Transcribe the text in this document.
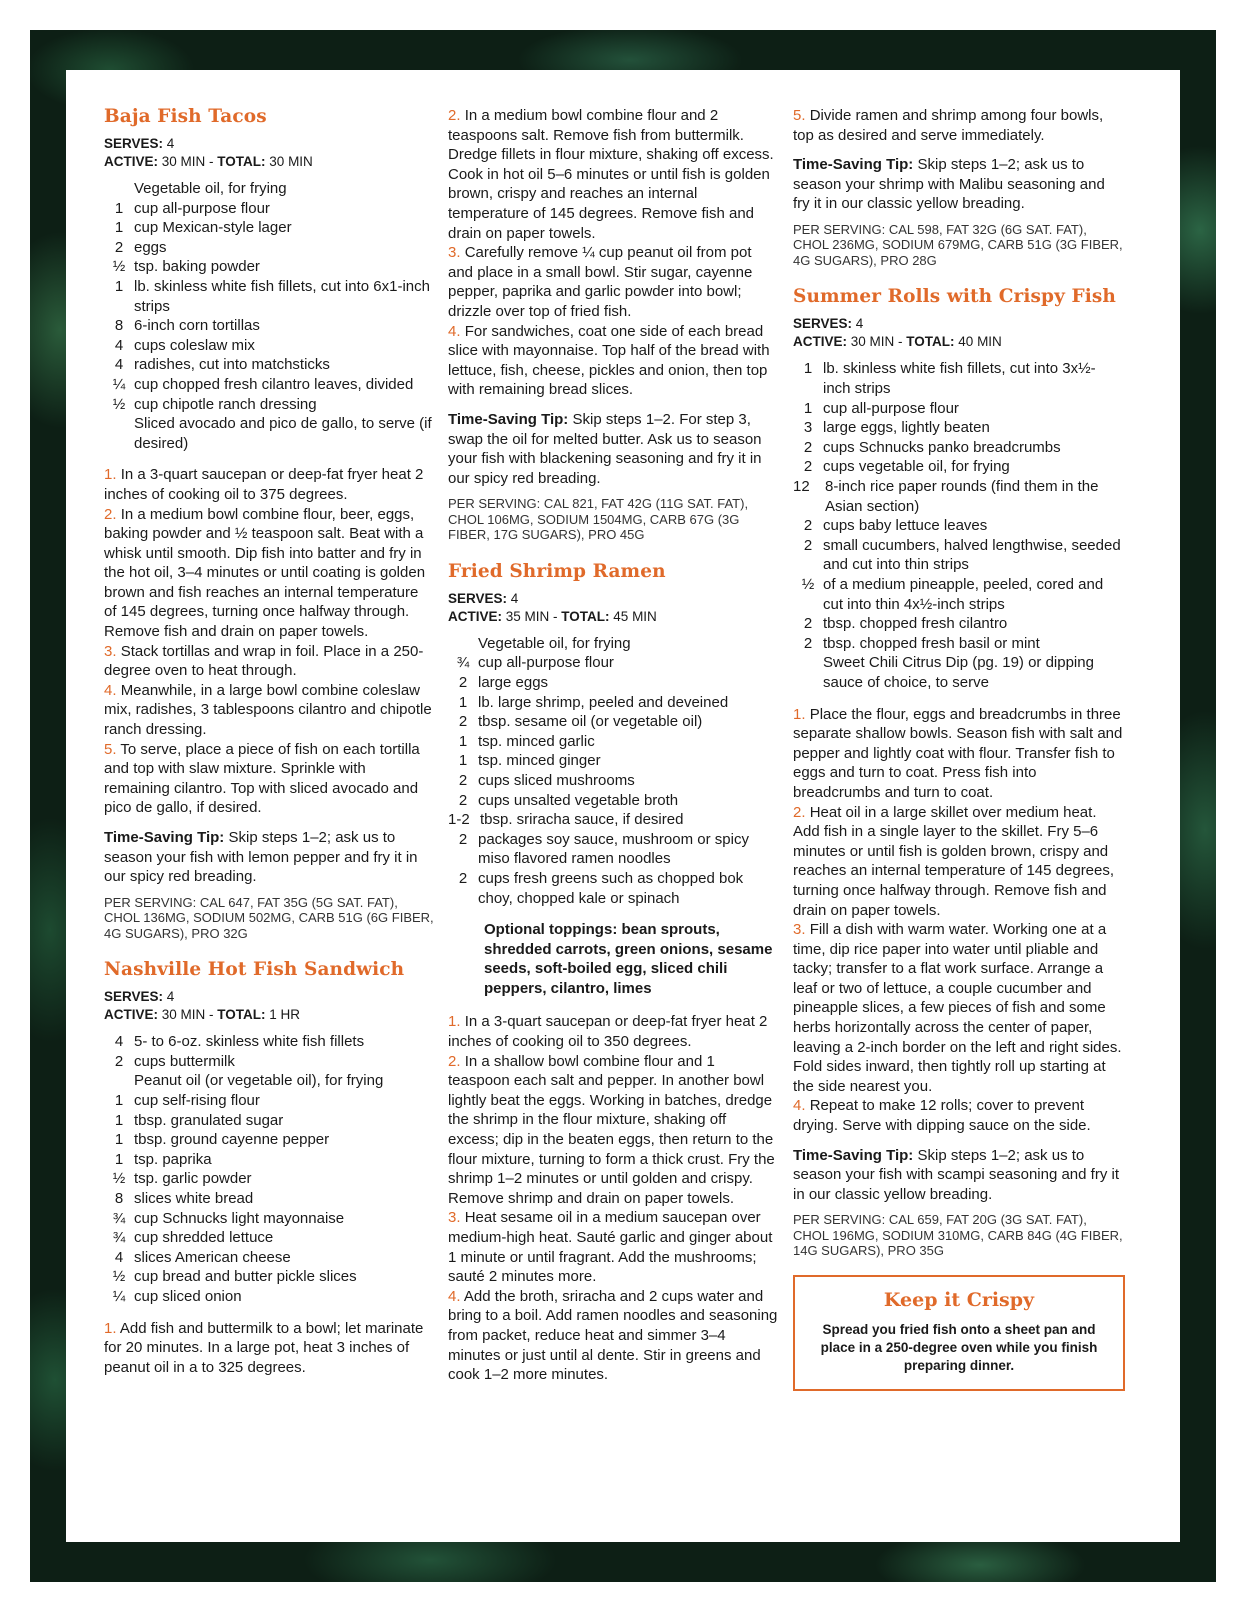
Baja Fish Tacos
SERVES: 4
ACTIVE: 30 MIN - TOTAL: 30 MIN
Vegetable oil, for frying
1 cup all-purpose flour
1 cup Mexican-style lager
2 eggs
½ tsp. baking powder
1 lb. skinless white fish fillets, cut into 6x1-inch strips
8 6-inch corn tortillas
4 cups coleslaw mix
4 radishes, cut into matchsticks
¼ cup chopped fresh cilantro leaves, divided
½ cup chipotle ranch dressing
Sliced avocado and pico de gallo, to serve (if desired)

1. In a 3-quart saucepan or deep-fat fryer heat 2 inches of cooking oil to 375 degrees.

2. In a medium bowl combine flour, beer, eggs, baking powder and ½ teaspoon salt. Beat with a whisk until smooth. Dip fish into batter and fry in the hot oil, 3–4 minutes or until coating is golden brown and fish reaches an internal temperature of 145 degrees, turning once halfway through. Remove fish and drain on paper towels.

3. Stack tortillas and wrap in foil. Place in a 250-degree oven to heat through.

4. Meanwhile, in a large bowl combine coleslaw mix, radishes, 3 tablespoons cilantro and chipotle ranch dressing.

5. To serve, place a piece of fish on each tortilla and top with slaw mixture. Sprinkle with remaining cilantro. Top with sliced avocado and pico de gallo, if desired.

Time-Saving Tip: Skip steps 1–2; ask us to season your fish with lemon pepper and fry it in our spicy red breading.

PER SERVING: CAL 647, FAT 35G (5G SAT. FAT), CHOL 136MG, SODIUM 502MG, CARB 51G (6G FIBER, 4G SUGARS), PRO 32G

Nashville Hot Fish Sandwich
SERVES: 4
ACTIVE: 30 MIN - TOTAL: 1 HR
4 5- to 6-oz. skinless white fish fillets
2 cups buttermilk
Peanut oil (or vegetable oil), for frying
1 cup self-rising flour
1 tbsp. granulated sugar
1 tbsp. ground cayenne pepper
1 tsp. paprika
½ tsp. garlic powder
8 slices white bread
¾ cup Schnucks light mayonnaise
¾ cup shredded lettuce
4 slices American cheese
½ cup bread and butter pickle slices
¼ cup sliced onion

1. Add fish and buttermilk to a bowl; let marinate for 20 minutes. In a large pot, heat 3 inches of peanut oil in a to 325 degrees.

2. In a medium bowl combine flour and 2 teaspoons salt. Remove fish from buttermilk. Dredge fillets in flour mixture, shaking off excess. Cook in hot oil 5–6 minutes or until fish is golden brown, crispy and reaches an internal temperature of 145 degrees. Remove fish and drain on paper towels.

3. Carefully remove ¼ cup peanut oil from pot and place in a small bowl. Stir sugar, cayenne pepper, paprika and garlic powder into bowl; drizzle over top of fried fish.

4. For sandwiches, coat one side of each bread slice with mayonnaise. Top half of the bread with lettuce, fish, cheese, pickles and onion, then top with remaining bread slices.

Time-Saving Tip: Skip steps 1–2. For step 3, swap the oil for melted butter. Ask us to season your fish with blackening seasoning and fry it in our spicy red breading.

PER SERVING: CAL 821, FAT 42G (11G SAT. FAT), CHOL 106MG, SODIUM 1504MG, CARB 67G (3G FIBER, 17G SUGARS), PRO 45G

Fried Shrimp Ramen
SERVES: 4
ACTIVE: 35 MIN - TOTAL: 45 MIN
Vegetable oil, for frying
¾ cup all-purpose flour
2 large eggs
1 lb. large shrimp, peeled and deveined
2 tbsp. sesame oil (or vegetable oil)
1 tsp. minced garlic
1 tsp. minced ginger
2 cups sliced mushrooms
2 cups unsalted vegetable broth
1-2 tbsp. sriracha sauce, if desired
2 packages soy sauce, mushroom or spicy miso flavored ramen noodles
2 cups fresh greens such as chopped bok choy, chopped kale or spinach

Optional toppings: bean sprouts, shredded carrots, green onions, sesame seeds, soft-boiled egg, sliced chili peppers, cilantro, limes

1. In a 3-quart saucepan or deep-fat fryer heat 2 inches of cooking oil to 350 degrees.

2. In a shallow bowl combine flour and 1 teaspoon each salt and pepper. In another bowl lightly beat the eggs. Working in batches, dredge the shrimp in the flour mixture, shaking off excess; dip in the beaten eggs, then return to the flour mixture, turning to form a thick crust. Fry the shrimp 1–2 minutes or until golden and crispy. Remove shrimp and drain on paper towels.

3. Heat sesame oil in a medium saucepan over medium-high heat. Sauté garlic and ginger about 1 minute or until fragrant. Add the mushrooms; sauté 2 minutes more.

4. Add the broth, sriracha and 2 cups water and bring to a boil. Add ramen noodles and seasoning from packet, reduce heat and simmer 3–4 minutes or just until al dente. Stir in greens and cook 1–2 more minutes.

5. Divide ramen and shrimp among four bowls, top as desired and serve immediately.

Time-Saving Tip: Skip steps 1–2; ask us to season your shrimp with Malibu seasoning and fry it in our classic yellow breading.

PER SERVING: CAL 598, FAT 32G (6G SAT. FAT), CHOL 236MG, SODIUM 679MG, CARB 51G (3G FIBER, 4G SUGARS), PRO 28G

Summer Rolls with Crispy Fish
SERVES: 4
ACTIVE: 30 MIN - TOTAL: 40 MIN
1 lb. skinless white fish fillets, cut into 3x½-inch strips
1 cup all-purpose flour
3 large eggs, lightly beaten
2 cups Schnucks panko breadcrumbs
2 cups vegetable oil, for frying
12	8-inch rice paper rounds (find them in the Asian section)
2 cups baby lettuce leaves
2 small cucumbers, halved lengthwise, seeded and cut into thin strips
½ of a medium pineapple, peeled, cored and cut into thin 4x½-inch strips
2 tbsp. chopped fresh cilantro
2 tbsp. chopped fresh basil or mint
Sweet Chili Citrus Dip (pg. 19) or dipping sauce of choice, to serve

1. Place the flour, eggs and breadcrumbs in three separate shallow bowls. Season fish with salt and pepper and lightly coat with flour. Transfer fish to eggs and turn to coat. Press fish into breadcrumbs and turn to coat.

2. Heat oil in a large skillet over medium heat. Add fish in a single layer to the skillet. Fry 5–6 minutes or until fish is golden brown, crispy and reaches an internal temperature of 145 degrees, turning once halfway through. Remove fish and drain on paper towels.

3. Fill a dish with warm water. Working one at a time, dip rice paper into water until pliable and tacky; transfer to a flat work surface. Arrange a leaf or two of lettuce, a couple cucumber and pineapple slices, a few pieces of fish and some herbs horizontally across the center of paper, leaving a 2-inch border on the left and right sides. Fold sides inward, then tightly roll up starting at the side nearest you.

4. Repeat to make 12 rolls; cover to prevent drying. Serve with dipping sauce on the side.

Time-Saving Tip: Skip steps 1–2; ask us to season your fish with scampi seasoning and fry it in our classic yellow breading.

PER SERVING: CAL 659, FAT 20G (3G SAT. FAT), CHOL 196MG, SODIUM 310MG, CARB 84G (4G FIBER, 14G SUGARS), PRO 35G

Keep it Crispy
Spread you fried fish onto a sheet pan and place in a 250-degree oven while you finish preparing dinner.
